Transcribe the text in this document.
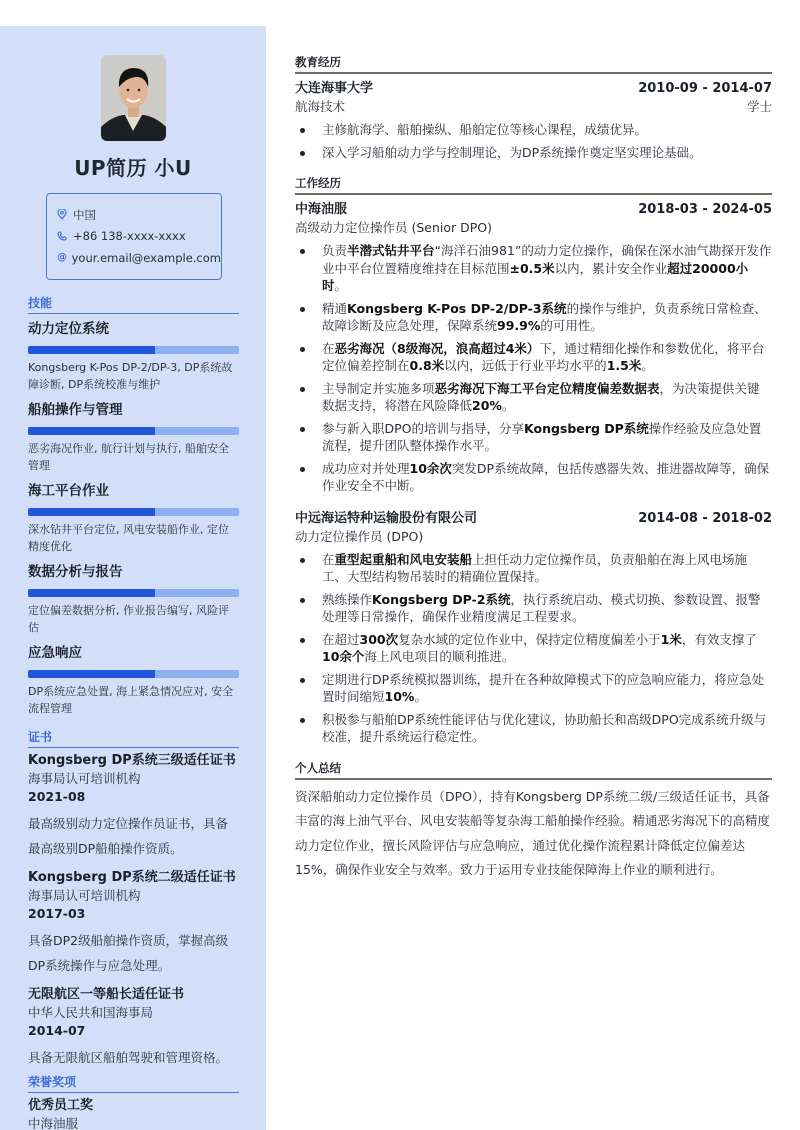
UP简历 小U
中国
+86 138-xxxx-xxxx
@ your.email@example.com
技能
动力定位系统
Kongsberg K-Pos DP-2/DP-3, DP系统故障诊断, DP系统校准与维护
船舶操作与管理
恶劣海况作业, 航行计划与执行, 船舶安全管理
海工平台作业
深水钻井平台定位, 风电安装船作业, 定位精度优化
数据分析与报告
定位偏差数据分析, 作业报告编写, 风险评估
应急响应
DP系统应急处置, 海上紧急情况应对, 安全流程管理
证书
Kongsberg DP系统三级适任证书
海事局认可培训机构
2021-08
最高级别动力定位操作员证书，具备最高级别DP船舶操作资质。
Kongsberg DP系统二级适任证书
海事局认可培训机构
2017-03
具备DP2级船舶操作资质，掌握高级DP系统操作与应急处理。
无限航区一等船长适任证书
中华人民共和国海事局
2014-07
具备无限航区船舶驾驶和管理资格。
荣誉奖项
优秀员工奖
中海油服
教育经历
大连海事大学	2010-09 - 2014-07
航海技术	学士
主修航海学、船舶操纵、船舶定位等核心课程，成绩优异。
深入学习船舶动力学与控制理论，为DP系统操作奠定坚实理论基础。
工作经历
中海油服	2018-03 - 2024-05
高级动力定位操作员 (Senior DPO)
负责半潜式钻井平台“海洋石油981”的动力定位操作，确保在深水油气勘探开发作业中平台位置精度维持在目标范围±0.5米以内，累计安全作业超过20000小时。
精通Kongsberg K-Pos DP-2/DP-3系统的操作与维护，负责系统日常检查、故障诊断及应急处理，保障系统99.9%的可用性。
在恶劣海况（8级海况，浪高超过4米）下，通过精细化操作和参数优化，将平台定位偏差控制在0.8米以内，远低于行业平均水平的1.5米。
主导制定并实施多项恶劣海况下海工平台定位精度偏差数据表，为决策提供关键数据支持，将潜在风险降低20%。
参与新入职DPO的培训与指导，分享Kongsberg DP系统操作经验及应急处置流程，提升团队整体操作水平。
成功应对并处理10余次突发DP系统故障，包括传感器失效、推进器故障等，确保作业安全不中断。
中远海运特种运输股份有限公司	2014-08 - 2018-02
动力定位操作员 (DPO)
在重型起重船和风电安装船上担任动力定位操作员，负责船舶在海上风电场施工、大型结构物吊装时的精确位置保持。
熟练操作Kongsberg DP-2系统，执行系统启动、模式切换、参数设置、报警处理等日常操作，确保作业精度满足工程要求。
在超过300次复杂水域的定位作业中，保持定位精度偏差小于1米，有效支撑了10余个海上风电项目的顺利推进。
定期进行DP系统模拟器训练，提升在各种故障模式下的应急响应能力，将应急处置时间缩短10%。
积极参与船舶DP系统性能评估与优化建议，协助船长和高级DPO完成系统升级与校准，提升系统运行稳定性。
个人总结
资深船舶动力定位操作员（DPO），持有Kongsberg DP系统二级/三级适任证书，具备丰富的海上油气平台、风电安装船等复杂海工船舶操作经验。精通恶劣海况下的高精度动力定位作业，擅长风险评估与应急响应，通过优化操作流程累计降低定位偏差达15%，确保作业安全与效率。致力于运用专业技能保障海上作业的顺利进行。
